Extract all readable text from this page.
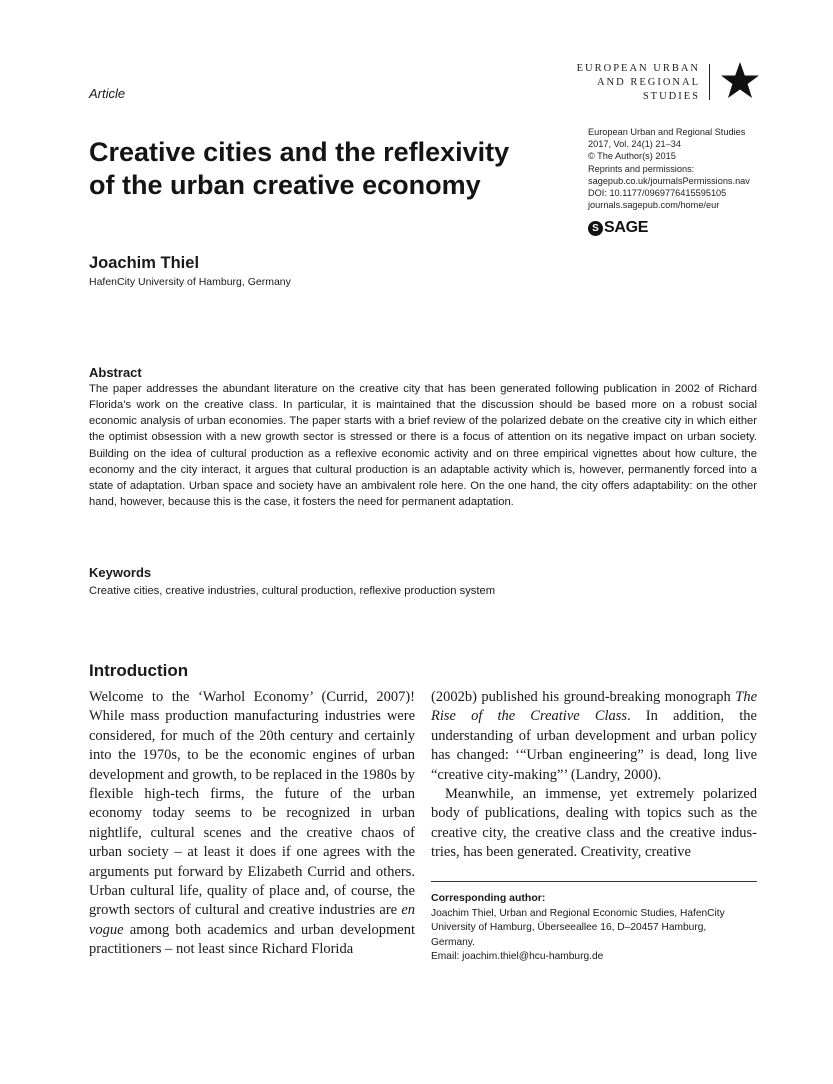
Article
EUROPEAN URBAN
AND REGIONAL
STUDIES
European Urban and Regional Studies
2017, Vol. 24(1) 21–34
© The Author(s) 2015
Reprints and permissions:
sagepub.co.uk/journalsPermissions.nav
DOI: 10.1177/0969776415595105
journals.sagepub.com/home/eur
S SAGE
Creative cities and the reflexivity
of the urban creative economy
Joachim Thiel
HafenCity University of Hamburg, Germany
Abstract

The paper addresses the abundant literature on the creative city that has been generated following publication in 2002 of Richard Florida’s work on the creative class. In particular, it is maintained that the discussion should be based more on a robust social economic analysis of urban economies. The paper starts with a brief review of the polarized debate on the creative city in which either the optimist obsession with a new growth sector is stressed or there is a focus of attention on its negative impact on urban society. Building on the idea of cultural production as a reflexive economic activity and on three empirical vignettes about how culture, the economy and the city interact, it argues that cultural production is an adaptable activity which is, however, permanently forced into a state of adaptation. Urban space and society have an ambivalent role here. On the one hand, the city offers adaptability: on the other hand, however, because this is the case, it fosters the need for permanent adaptation.

Keywords
Creative cities, creative industries, cultural production, reflexive production system
Introduction

Welcome to the ‘Warhol Economy’ (Currid, 2007)! While mass production manufacturing industries were considered, for much of the 20th century and certainly into the 1970s, to be the economic engines of urban development and growth, to be replaced in the 1980s by flexible high-tech firms, the future of the urban economy today seems to be recognized in urban nightlife, cultural scenes and the creative chaos of urban society – at least it does if one agrees with the arguments put forward by Elizabeth Currid and others. Urban cultural life, quality of place and, of course, the growth sectors of cultural and creative industries are en vogue among both academics and urban development practitioners – not least since Richard Florida

(2002b) published his ground-breaking monograph The Rise of the Creative Class. In addition, the understanding of urban development and urban policy has changed: ‘“Urban engineering” is dead, long live “creative city-making”’ (Landry, 2000).

Meanwhile, an immense, yet extremely polarized body of publications, dealing with topics such as the creative city, the creative class and the creative indus-tries, has been generated. Creativity, creative

Corresponding author:
Joachim Thiel, Urban and Regional Economic Studies, HafenCity
University of Hamburg, Überseeallee 16, D–20457 Hamburg,
Germany.
Email: joachim.thiel@hcu-hamburg.de
